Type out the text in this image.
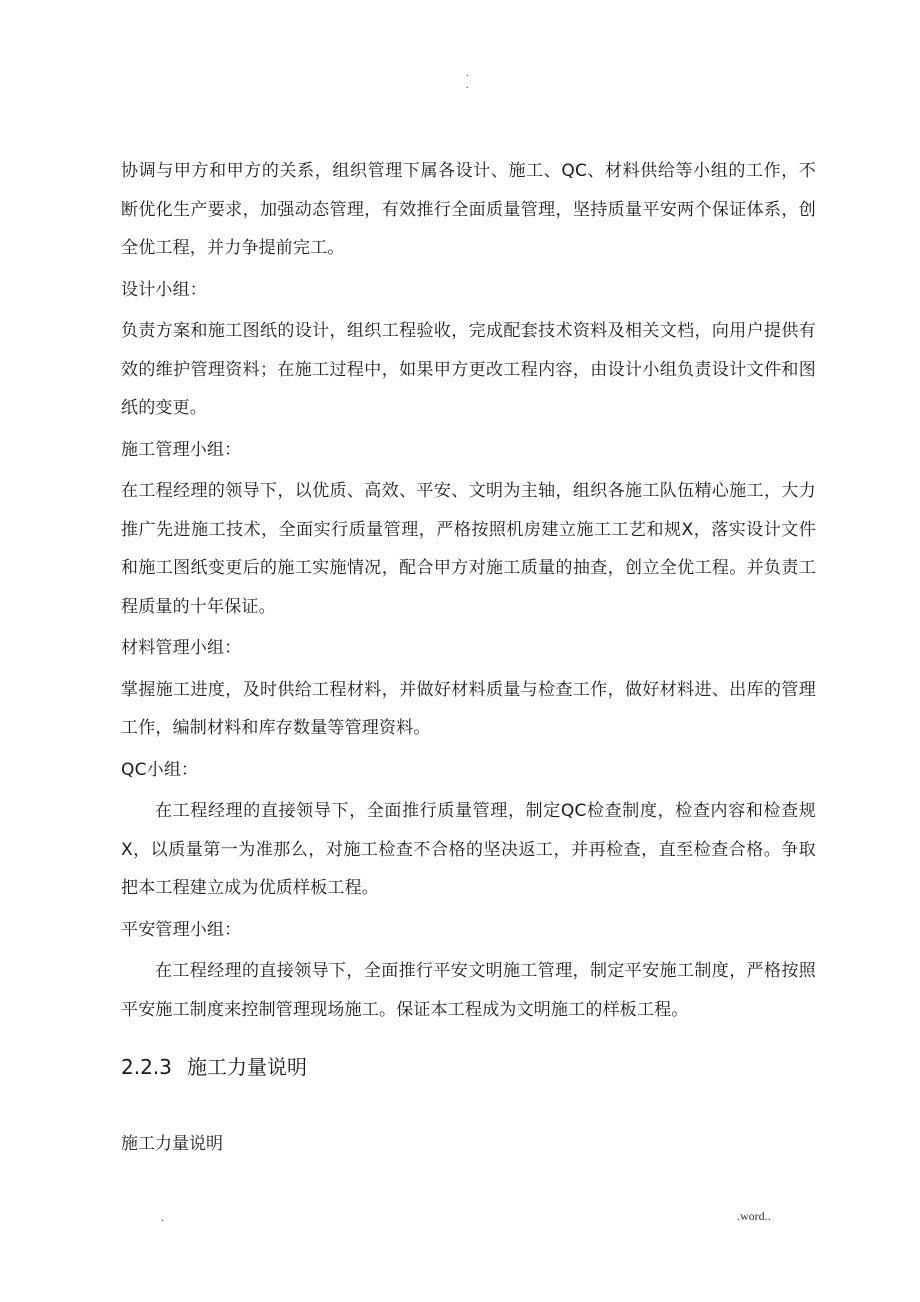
.
.

协调与甲方和甲方的关系，组织管理下属各设计、施工、QC、材料供给等小组的工作，不断优化生产要求，加强动态管理，有效推行全面质量管理，坚持质量平安两个保证体系，创全优工程，并力争提前完工。

设计小组：

负责方案和施工图纸的设计，组织工程验收，完成配套技术资料及相关文档，向用户提供有效的维护管理资料；在施工过程中，如果甲方更改工程内容，由设计小组负责设计文件和图纸的变更。

施工管理小组：

在工程经理的领导下，以优质、高效、平安、文明为主轴，组织各施工队伍精心施工，大力推广先进施工技术，全面实行质量管理，严格按照机房建立施工工艺和规X，落实设计文件和施工图纸变更后的施工实施情况，配合甲方对施工质量的抽查，创立全优工程。并负责工程质量的十年保证。

材料管理小组：

掌握施工进度，及时供给工程材料，并做好材料质量与检查工作，做好材料进、出库的管理工作，编制材料和库存数量等管理资料。

QC小组：

在工程经理的直接领导下，全面推行质量管理，制定QC检查制度，检查内容和检查规X，以质量第一为准那么，对施工检查不合格的坚决返工，并再检查，直至检查合格。争取把本工程建立成为优质样板工程。

平安管理小组：

在工程经理的直接领导下，全面推行平安文明施工管理，制定平安施工制度，严格按照平安施工制度来控制管理现场施工。保证本工程成为文明施工的样板工程。

2.2.3 施工力量说明

施工力量说明

.	.word..
